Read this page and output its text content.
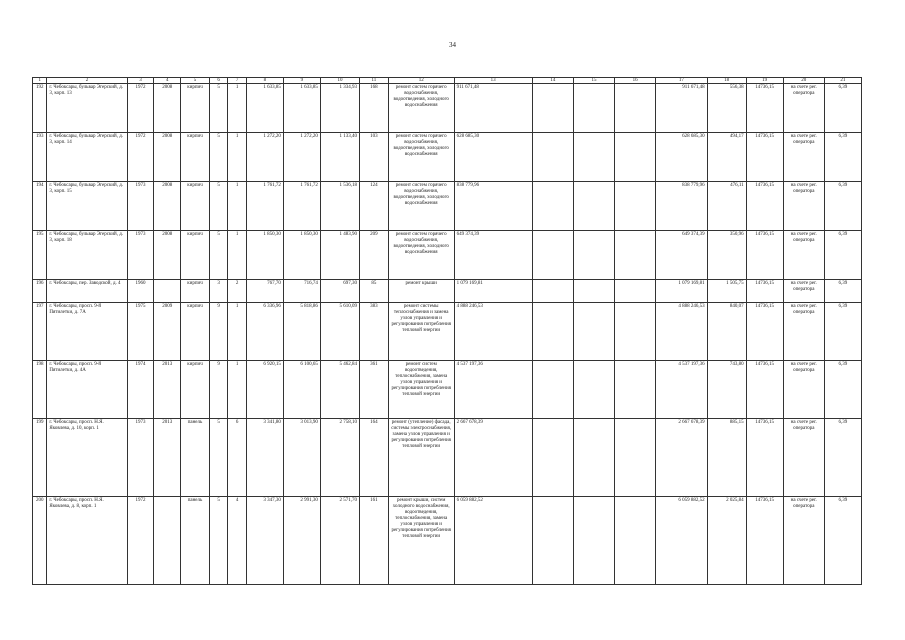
34
1	2	3	4	5	6	7	8	9	10	11	12	13	14	15	16	17	18	19	20	21
192	г. Чебоксары, бульвар Эгерский, д. 3, корп. 13	1972	2008	кирпич	5	1	1 633,85	1 633,85	1 334,93	168	ремонт систем горячего водоснабжения, водоотведения, холодного водоснабжения	911 671,48				911 671,48	556,38	14736,15	на счете рег. оператора	6,39
193	г. Чебоксары, бульвар Эгерский, д. 3, корп. 14	1972	2008	кирпич	5	1	1 272,20	1 272,20	1 133,40	103	ремонт систем горячего водоснабжения, водоотведения, холодного водоснабжения	628 685,30				628 685,30	494,17	14736,15	на счете рег. оператора	6,39
194	г. Чебоксары, бульвар Эгерский, д. 3, корп. 15	1973	2008	кирпич	5	1	1 761,72	1 761,72	1 536,18	124	ремонт систем горячего водоснабжения, водоотведения, холодного водоснабжения	838 779,96				838 779,96	476,11	14736,15	на счете рег. оператора	6,39
195	г. Чебоксары, бульвар Эгерский, д. 3, корп. 18	1973	2008	кирпич	5	1	1 850,30	1 850,30	1 483,90	209	ремонт систем горячего водоснабжения, водоотведения, холодного водоснабжения	649 374,39				649 374,39	350,96	14736,15	на счете рег. оператора	6,39
196	г. Чебоксары, пер. Заводской, д. 4	1960		кирпич	3	2	767,70	716,74	697,30	85	ремонт крыши	1 079 169,81				1 079 169,81	1 505,75	14736,15	на счете рег. оператора	6,39
197	г. Чебоксары, просп. 9-й Пятилетки, д. 7А	1975	2009	кирпич	9	1	6 336,96	5 818,86	5 610,09	383	ремонт системы теплоснабжения и замена узлов управления и регулирования потребления тепловой энергии	4 888 246,53				4 888 246,53	840,07	14736,15	на счете рег. оператора	6,39
198	г. Чебоксары, просп. 9-й Пятилетки, д. 4А	1974	2013	кирпич	9	1	6 920,15	6 100,65	5 462,84	361	ремонт систем водоотведения, теплоснабжения, замена узлов управления и регулирования потребления тепловой энергии	4 537 197,36				4 537 197,36	743,80	14736,15	на счете рег. оператора	6,39
199	г. Чебоксары, просп. Н.Я. Яковлева, д. 10, корп. 1	1973	2013	панель	5	6	3 341,80	3 013,90	2 758,10	164	ремонт (утепление) фасада, системы электроснабжения, замена узлов управления и регулирования потребления тепловой энергии	2 667 678,39				2 667 678,39	885,15	14736,15	на счете рег. оператора	6,39
200	г. Чебоксары, просп. Н.Я. Яковлева, д. 8, корп. 1	1972		панель	5	4	3 347,30	2 991,30	2 571,70	161	ремонт крыши, систем холодного водоснабжения, водоотведения, теплоснабжения, замена узлов управления и регулирования потребления тепловой энергии	6 059 882,52				6 059 882,52	2 025,84	14736,15	на счете рег. оператора	6,39
